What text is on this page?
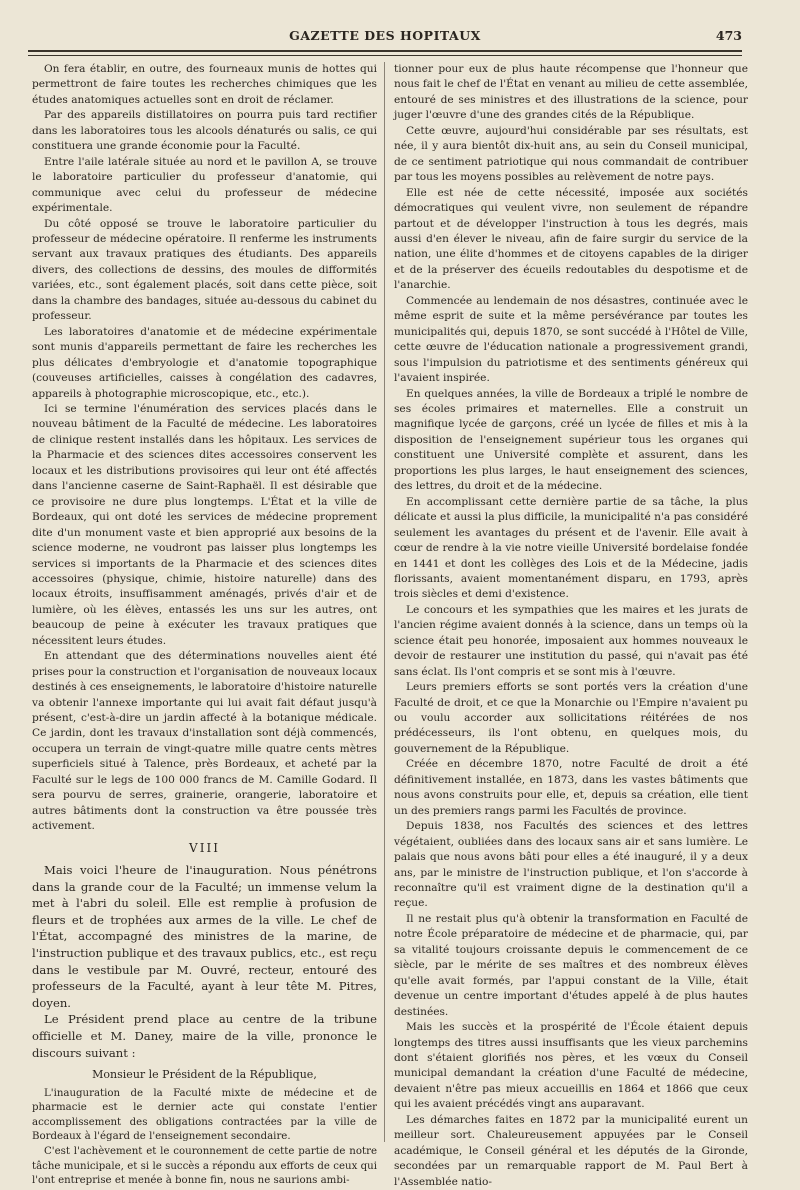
GAZETTE DES HOPITAUX	473

On fera établir, en outre, des fourneaux munis de hottes qui permettront de faire toutes les recherches chimiques que les études anatomiques actuelles sont en droit de réclamer.

Par des appareils distillatoires on pourra puis tard rectifier dans les laboratoires tous les alcools dénaturés ou salis, ce qui constituera une grande économie pour la Faculté.

Entre l'aile latérale située au nord et le pavillon A, se trouve le laboratoire particulier du professeur d'anatomie, qui communique avec celui du professeur de médecine expérimentale.

Du côté opposé se trouve le laboratoire particulier du professeur de médecine opératoire. Il renferme les instruments servant aux travaux pratiques des étudiants. Des appareils divers, des collections de dessins, des moules de difformités variées, etc., sont également placés, soit dans cette pièce, soit dans la chambre des bandages, située au-dessous du cabinet du professeur.

Les laboratoires d'anatomie et de médecine expérimentale sont munis d'appareils permettant de faire les recherches les plus délicates d'embryologie et d'anatomie topographique (couveuses artificielles, caisses à congélation des cadavres, appareils à photographie microscopique, etc., etc.).

Ici se termine l'énumération des services placés dans le nouveau bâtiment de la Faculté de médecine. Les laboratoires de clinique restent installés dans les hôpitaux. Les services de la Pharmacie et des sciences dites accessoires conservent les locaux et les distributions provisoires qui leur ont été affectés dans l'ancienne caserne de Saint-Raphaël. Il est désirable que ce provisoire ne dure plus longtemps. L'État et la ville de Bordeaux, qui ont doté les services de médecine proprement dite d'un monument vaste et bien approprié aux besoins de la science moderne, ne voudront pas laisser plus longtemps les services si importants de la Pharmacie et des sciences dites accessoires (physique, chimie, histoire naturelle) dans des locaux étroits, insuffisamment aménagés, privés d'air et de lumière, où les élèves, entassés les uns sur les autres, ont beaucoup de peine à exécuter les travaux pratiques que nécessitent leurs études.

En attendant que des déterminations nouvelles aient été prises pour la construction et l'organisation de nouveaux locaux destinés à ces enseignements, le laboratoire d'histoire naturelle va obtenir l'annexe importante qui lui avait fait défaut jusqu'à présent, c'est-à-dire un jardin affecté à la botanique médicale. Ce jardin, dont les travaux d'installation sont déjà commencés, occupera un terrain de vingt-quatre mille quatre cents mètres superficiels situé à Talence, près Bordeaux, et acheté par la Faculté sur le legs de 100 000 francs de M. Camille Godard. Il sera pourvu de serres, grainerie, orangerie, laboratoire et autres bâtiments dont la construction va être poussée très activement.

VIII

Mais voici l'heure de l'inauguration. Nous pénétrons dans la grande cour de la Faculté; un immense velum la met à l'abri du soleil. Elle est remplie à profusion de fleurs et de trophées aux armes de la ville. Le chef de l'État, accompagné des ministres de la marine, de l'instruction publique et des travaux publics, etc., est reçu dans le vestibule par M. Ouvré, recteur, entouré des professeurs de la Faculté, ayant à leur tête M. Pitres, doyen.

Le Président prend place au centre de la tribune officielle et M. Daney, maire de la ville, prononce le discours suivant :

Monsieur le Président de la République,

L'inauguration de la Faculté mixte de médecine et de pharmacie est le dernier acte qui constate l'entier accomplissement des obligations contractées par la ville de Bordeaux à l'égard de l'enseignement secondaire.

C'est l'achèvement et le couronnement de cette partie de notre tâche municipale, et si le succès a répondu aux efforts de ceux qui l'ont entreprise et menée à bonne fin, nous ne saurions ambi-

tionner pour eux de plus haute récompense que l'honneur que nous fait le chef de l'État en venant au milieu de cette assemblée, entouré de ses ministres et des illustrations de la science, pour juger l'œuvre d'une des grandes cités de la République.

Cette œuvre, aujourd'hui considérable par ses résultats, est née, il y aura bientôt dix-huit ans, au sein du Conseil municipal, de ce sentiment patriotique qui nous commandait de contribuer par tous les moyens possibles au relèvement de notre pays.

Elle est née de cette nécessité, imposée aux sociétés démocratiques qui veulent vivre, non seulement de répandre partout et de développer l'instruction à tous les degrés, mais aussi d'en élever le niveau, afin de faire surgir du service de la nation, une élite d'hommes et de citoyens capables de la diriger et de la préserver des écueils redoutables du despotisme et de l'anarchie.

Commencée au lendemain de nos désastres, continuée avec le même esprit de suite et la même persévérance par toutes les municipalités qui, depuis 1870, se sont succédé à l'Hôtel de Ville, cette œuvre de l'éducation nationale a progressivement grandi, sous l'impulsion du patriotisme et des sentiments généreux qui l'avaient inspirée.

En quelques années, la ville de Bordeaux a triplé le nombre de ses écoles primaires et maternelles. Elle a construit un magnifique lycée de garçons, créé un lycée de filles et mis à la disposition de l'enseignement supérieur tous les organes qui constituent une Université complète et assurent, dans les proportions les plus larges, le haut enseignement des sciences, des lettres, du droit et de la médecine.

En accomplissant cette dernière partie de sa tâche, la plus délicate et aussi la plus difficile, la municipalité n'a pas considéré seulement les avantages du présent et de l'avenir. Elle avait à cœur de rendre à la vie notre vieille Université bordelaise fondée en 1441 et dont les collèges des Lois et de la Médecine, jadis florissants, avaient momentanément disparu, en 1793, après trois siècles et demi d'existence.

Le concours et les sympathies que les maires et les jurats de l'ancien régime avaient donnés à la science, dans un temps où la science était peu honorée, imposaient aux hommes nouveaux le devoir de restaurer une institution du passé, qui n'avait pas été sans éclat. Ils l'ont compris et se sont mis à l'œuvre.

Leurs premiers efforts se sont portés vers la création d'une Faculté de droit, et ce que la Monarchie ou l'Empire n'avaient pu ou voulu accorder aux sollicitations réitérées de nos prédécesseurs, ils l'ont obtenu, en quelques mois, du gouvernement de la République.

Créée en décembre 1870, notre Faculté de droit a été définitivement installée, en 1873, dans les vastes bâtiments que nous avons construits pour elle, et, depuis sa création, elle tient un des premiers rangs parmi les Facultés de province.

Depuis 1838, nos Facultés des sciences et des lettres végétaient, oubliées dans des locaux sans air et sans lumière. Le palais que nous avons bâti pour elles a été inauguré, il y a deux ans, par le ministre de l'instruction publique, et l'on s'accorde à reconnaître qu'il est vraiment digne de la destination qu'il a reçue.

Il ne restait plus qu'à obtenir la transformation en Faculté de notre École préparatoire de médecine et de pharmacie, qui, par sa vitalité toujours croissante depuis le commencement de ce siècle, par le mérite de ses maîtres et des nombreux élèves qu'elle avait formés, par l'appui constant de la Ville, était devenue un centre important d'études appelé à de plus hautes destinées.

Mais les succès et la prospérité de l'École étaient depuis longtemps des titres aussi insuffisants que les vieux parchemins dont s'étaient glorifiés nos pères, et les vœux du Conseil municipal demandant la création d'une Faculté de médecine, devaient n'être pas mieux accueillis en 1864 et 1866 que ceux qui les avaient précédés vingt ans auparavant.

Les démarches faites en 1872 par la municipalité eurent un meilleur sort. Chaleureusement appuyées par le Conseil académique, le Conseil général et les députés de la Gironde, secondées par un remarquable rapport de M. Paul Bert à l'Assemblée natio-
